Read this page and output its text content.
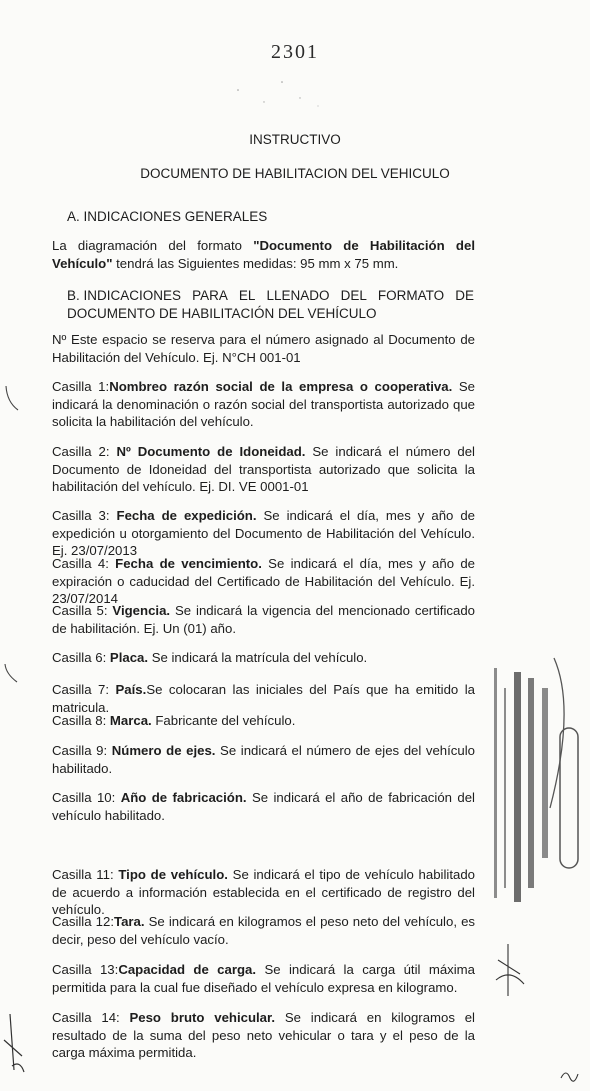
2301
INSTRUCTIVO
DOCUMENTO DE HABILITACION DEL VEHICULO
A. INDICACIONES GENERALES
La diagramación del formato "Documento de Habilitación del Vehículo" tendrá las Siguientes medidas: 95 mm x 75 mm.
B. INDICACIONES PARA EL LLENADO DEL FORMATO DE
DOCUMENTO DE HABILITACIÓN DEL VEHÍCULO
Nº Este espacio se reserva para el número asignado al Documento de Habilitación del Vehículo. Ej. N°CH 001-01
Casilla 1:Nombreo razón social de la empresa o cooperativa. Se indicará la denominación o razón social del transportista autorizado que solicita la habilitación del vehículo.
Casilla 2: Nº Documento de Idoneidad. Se indicará el número del Documento de Idoneidad del transportista autorizado que solicita la habilitación del vehículo. Ej. DI. VE 0001-01
Casilla 3: Fecha de expedición. Se indicará el día, mes y año de expedición u otorgamiento del Documento de Habilitación del Vehículo. Ej. 23/07/2013
Casilla 4: Fecha de vencimiento. Se indicará el día, mes y año de expiración o caducidad del Certificado de Habilitación del Vehículo. Ej. 23/07/2014
Casilla 5: Vigencia. Se indicará la vigencia del mencionado certificado de habilitación. Ej. Un (01) año.
Casilla 6: Placa. Se indicará la matrícula del vehículo.
Casilla 7: País.Se colocaran las iniciales del País que ha emitido la matricula.
Casilla 8: Marca. Fabricante del vehículo.
Casilla 9: Número de ejes. Se indicará el número de ejes del vehículo habilitado.
Casilla 10: Año de fabricación. Se indicará el año de fabricación del vehículo habilitado.
Casilla 11: Tipo de vehículo. Se indicará el tipo de vehículo habilitado de acuerdo a información establecida en el certificado de registro del vehículo.
Casilla 12:Tara. Se indicará en kilogramos el peso neto del vehículo, es decir, peso del vehículo vacío.
Casilla 13:Capacidad de carga. Se indicará la carga útil máxima permitida para la cual fue diseñado el vehículo expresa en kilogramo.
Casilla 14: Peso bruto vehicular. Se indicará en kilogramos el resultado de la suma del peso neto vehicular o tara y el peso de la carga máxima permitida.
